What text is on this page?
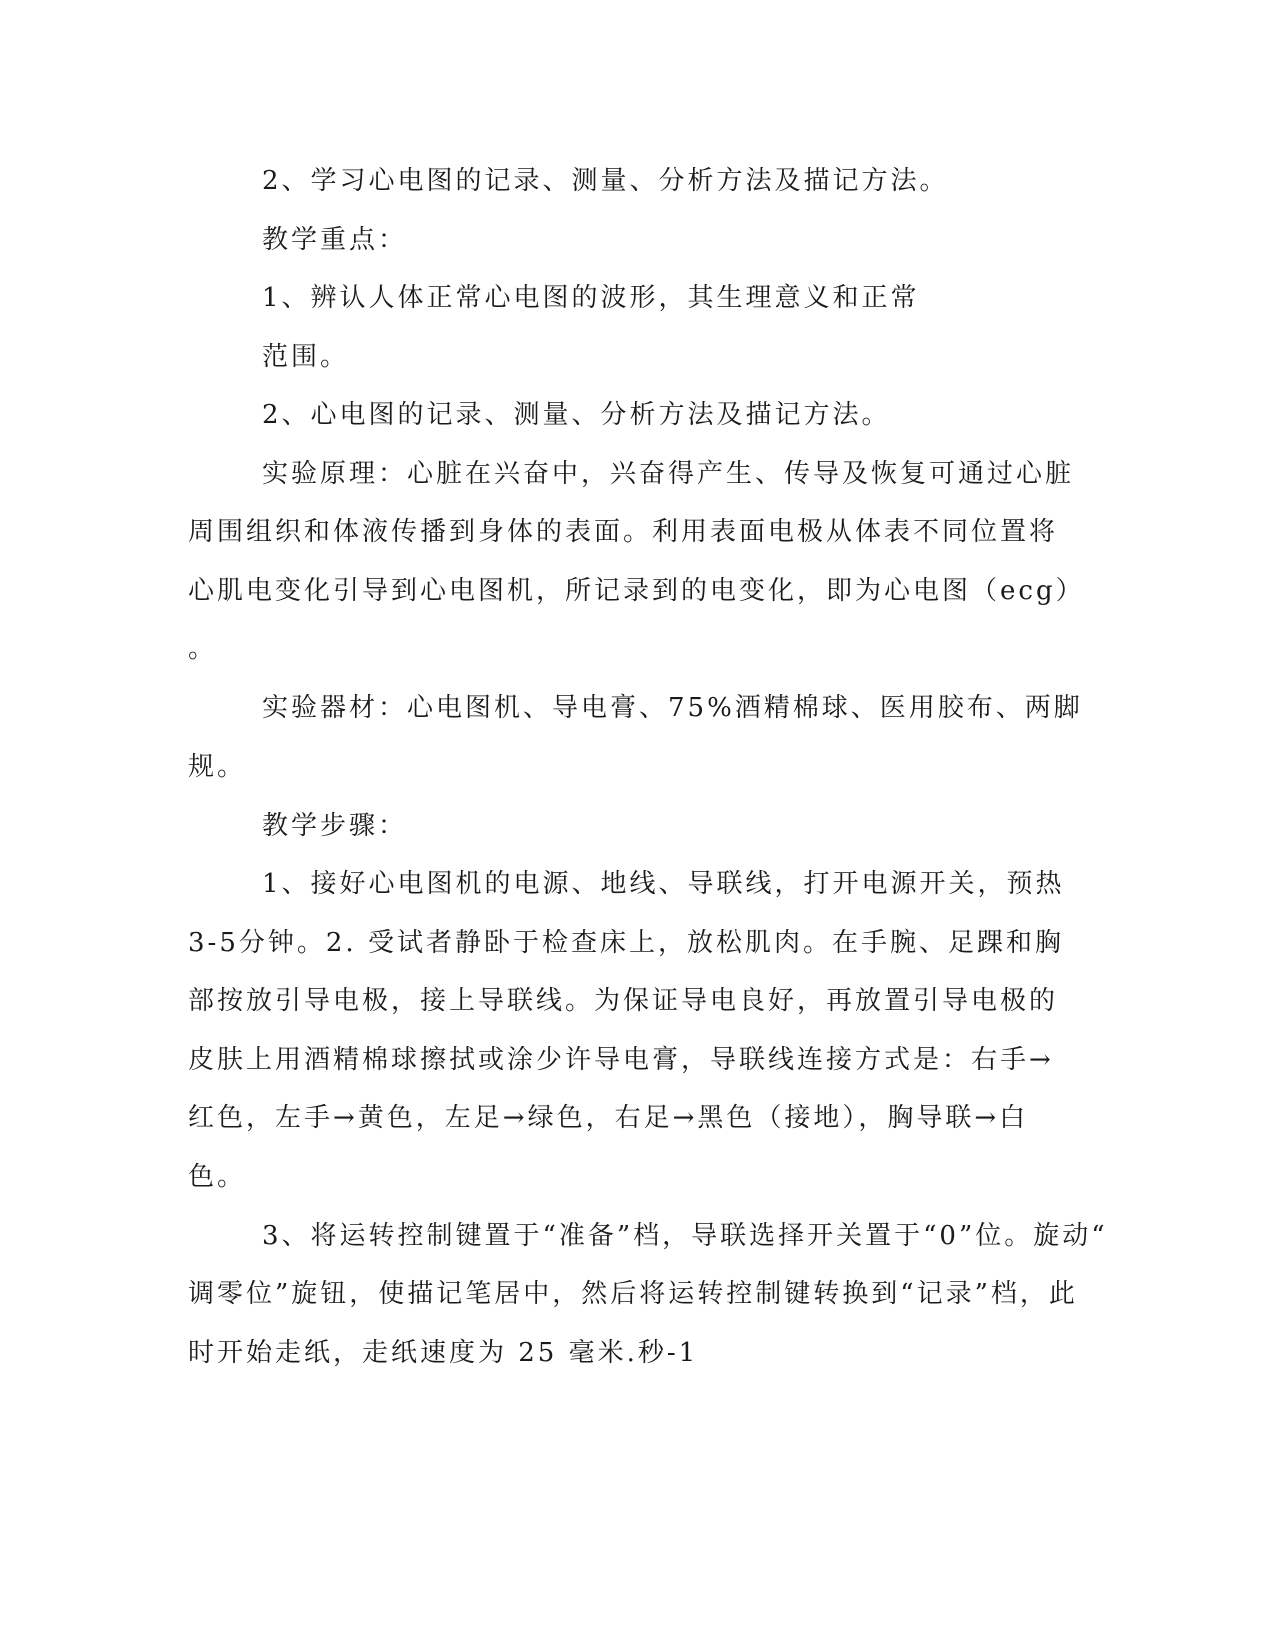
2、学习心电图的记录、测量、分析方法及描记方法。
教学重点：
1、辨认人体正常心电图的波形，其生理意义和正常
范围。
2、心电图的记录、测量、分析方法及描记方法。
实验原理：心脏在兴奋中，兴奋得产生、传导及恢复可通过心脏
周围组织和体液传播到身体的表面。利用表面电极从体表不同位置将
心肌电变化引导到心电图机，所记录到的电变化，即为心电图（ecg）
。
实验器材：心电图机、导电膏、75%酒精棉球、医用胶布、两脚
规。
教学步骤：
1、接好心电图机的电源、地线、导联线，打开电源开关，预热
3-5分钟。2. 受试者静卧于检查床上，放松肌肉。在手腕、足踝和胸
部按放引导电极，接上导联线。为保证导电良好，再放置引导电极的
皮肤上用酒精棉球擦拭或涂少许导电膏，导联线连接方式是：右手→
红色，左手→黄色，左足→绿色，右足→黑色（接地），胸导联→白
色。
3、将运转控制键置于“准备”档，导联选择开关置于“0”位。旋动“
调零位”旋钮，使描记笔居中，然后将运转控制键转换到“记录”档，此
时开始走纸，走纸速度为 25 毫米.秒-1
